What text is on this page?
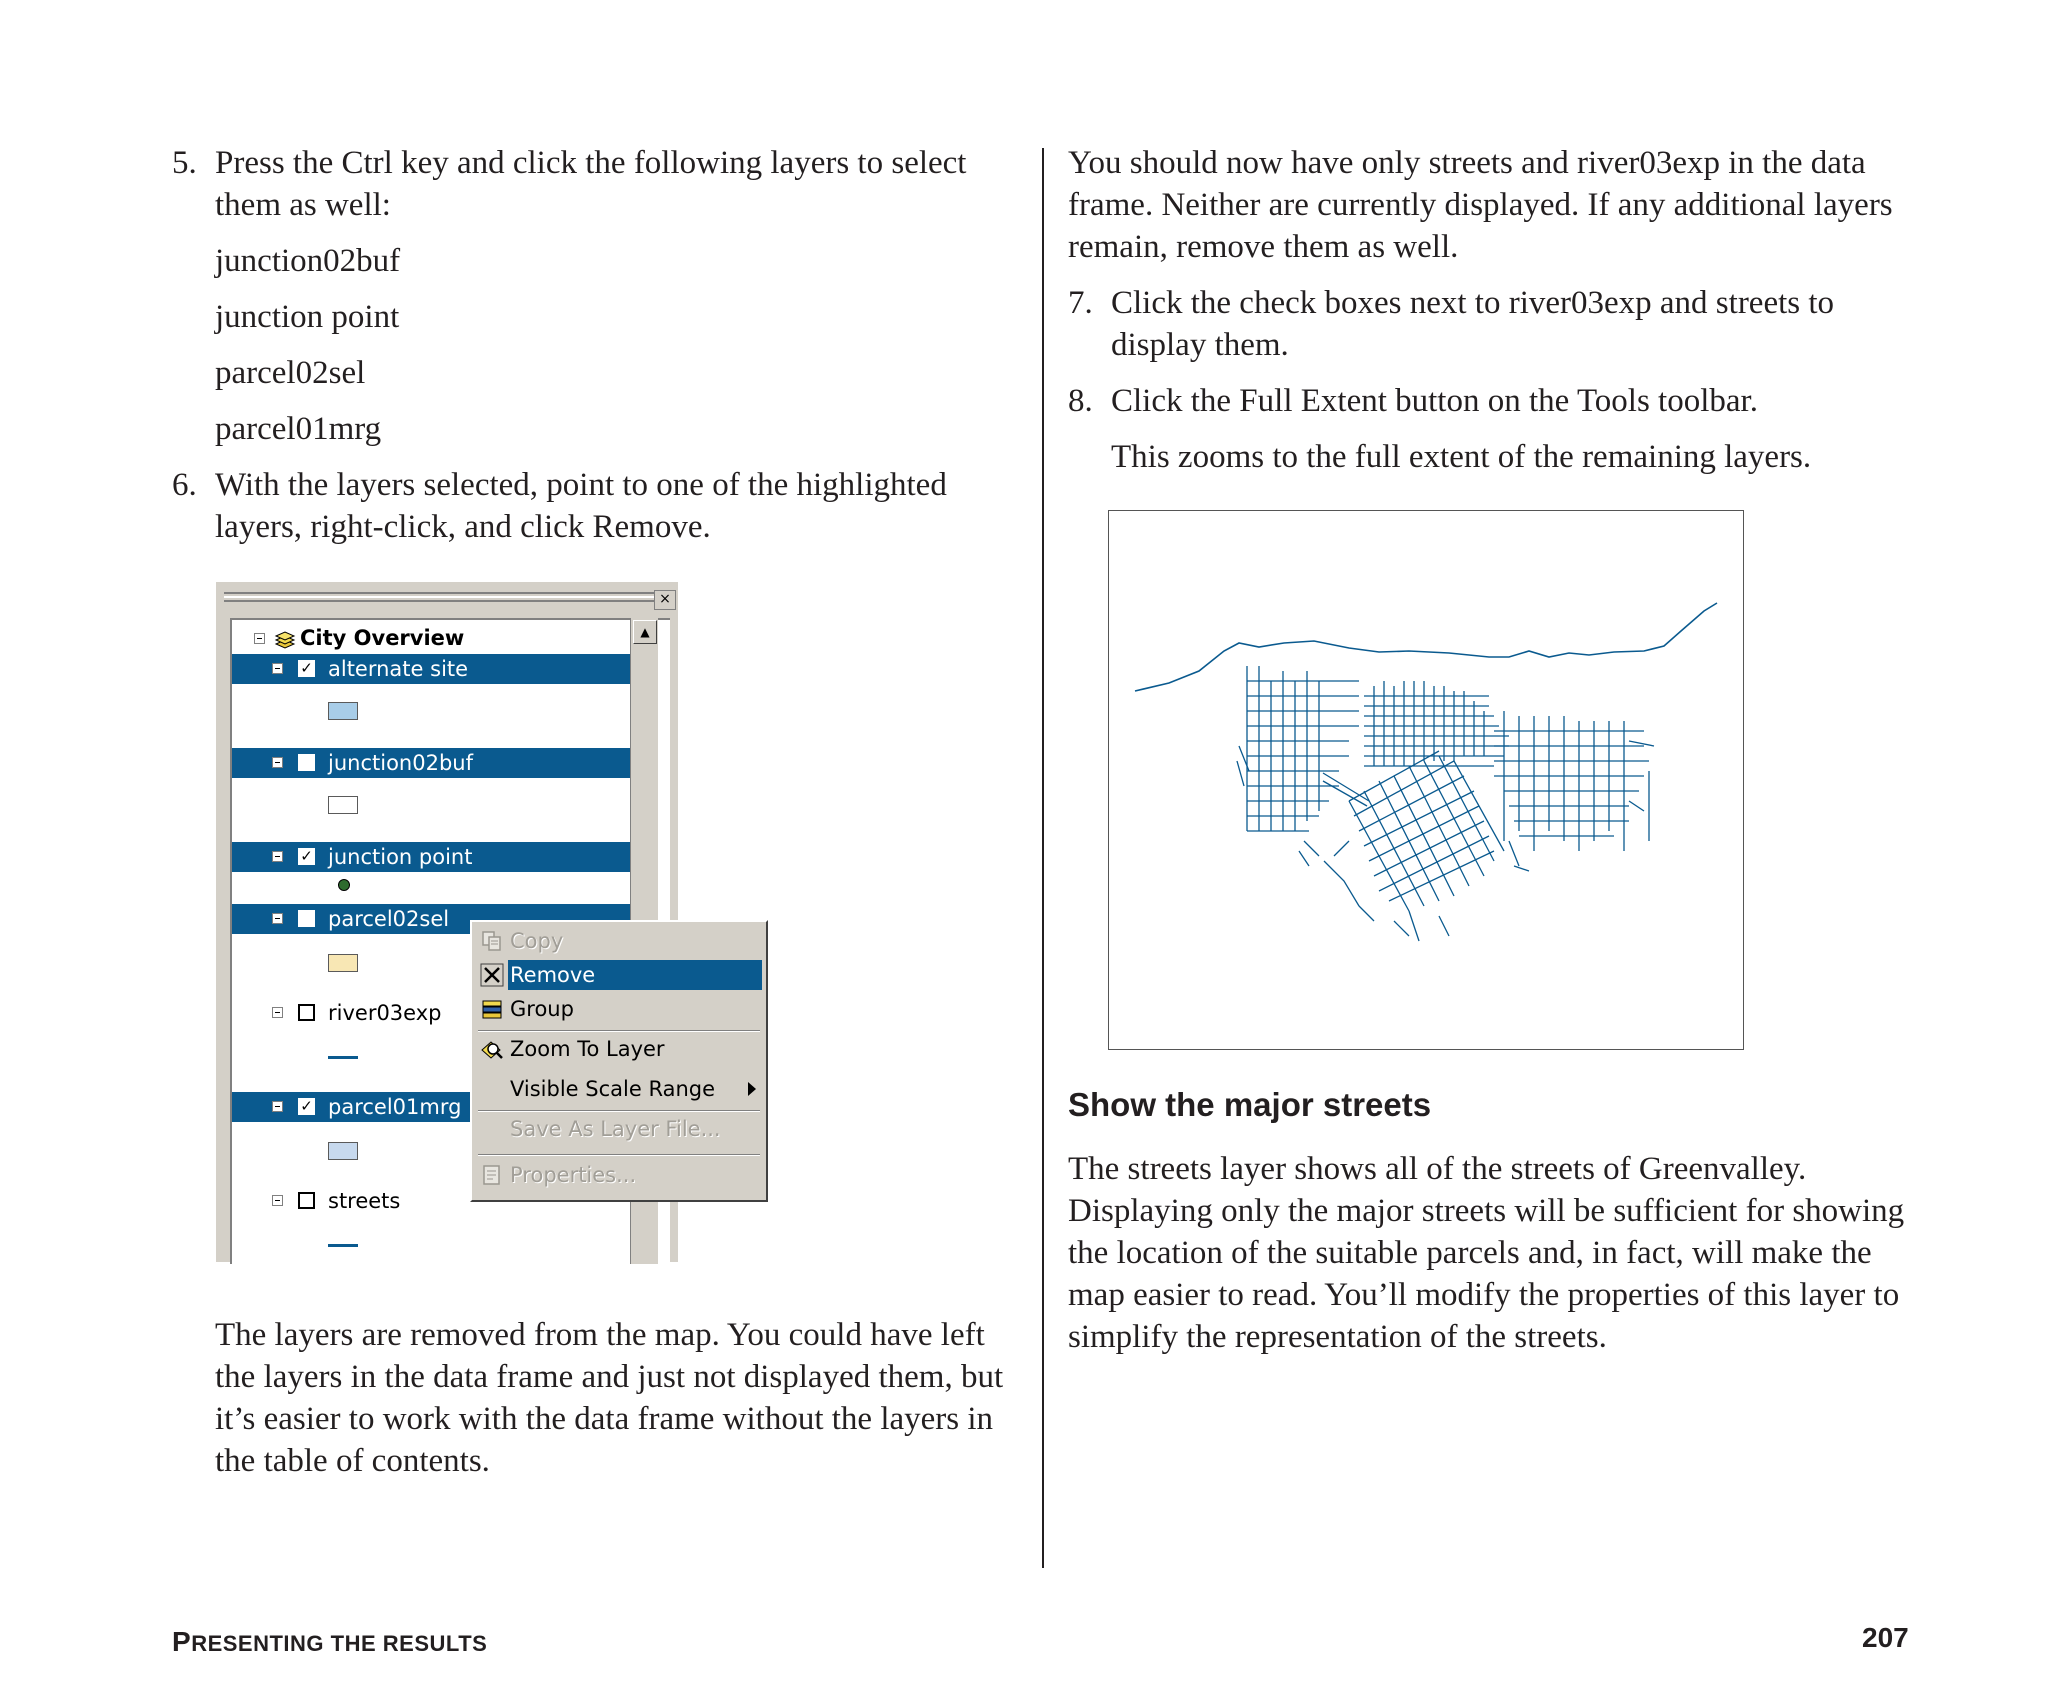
5. Press the Ctrl key and click the following layers to select them as well:
junction02buf
junction point
parcel02sel
parcel01mrg
6. With the layers selected, point to one of the highlighted layers, right-click, and click Remove.
The layers are removed from the map. You could have left the layers in the data frame and just not displayed them, but it’s easier to work with the data frame without the layers in the table of contents.
×
City Overview
✓ alternate site
junction02buf
✓ junction point
parcel02sel
river03exp
✓ parcel01mrg
streets
▲
Copy
Remove
Group
Zoom To Layer
Visible Scale Range
Save As Layer File...
Properties...
You should now have only streets and river03exp in the data frame. Neither are currently displayed. If any additional layers remain, remove them as well.
7. Click the check boxes next to river03exp and streets to display them.
8. Click the Full Extent button on the Tools toolbar.
This zooms to the full extent of the remaining layers.
Show the major streets
The streets layer shows all of the streets of Greenvalley. Displaying only the major streets will be sufficient for showing the location of the suitable parcels and, in fact, will make the map easier to read. You’ll modify the properties of this layer to simplify the representation of the streets.
PRESENTING THE RESULTS	207
